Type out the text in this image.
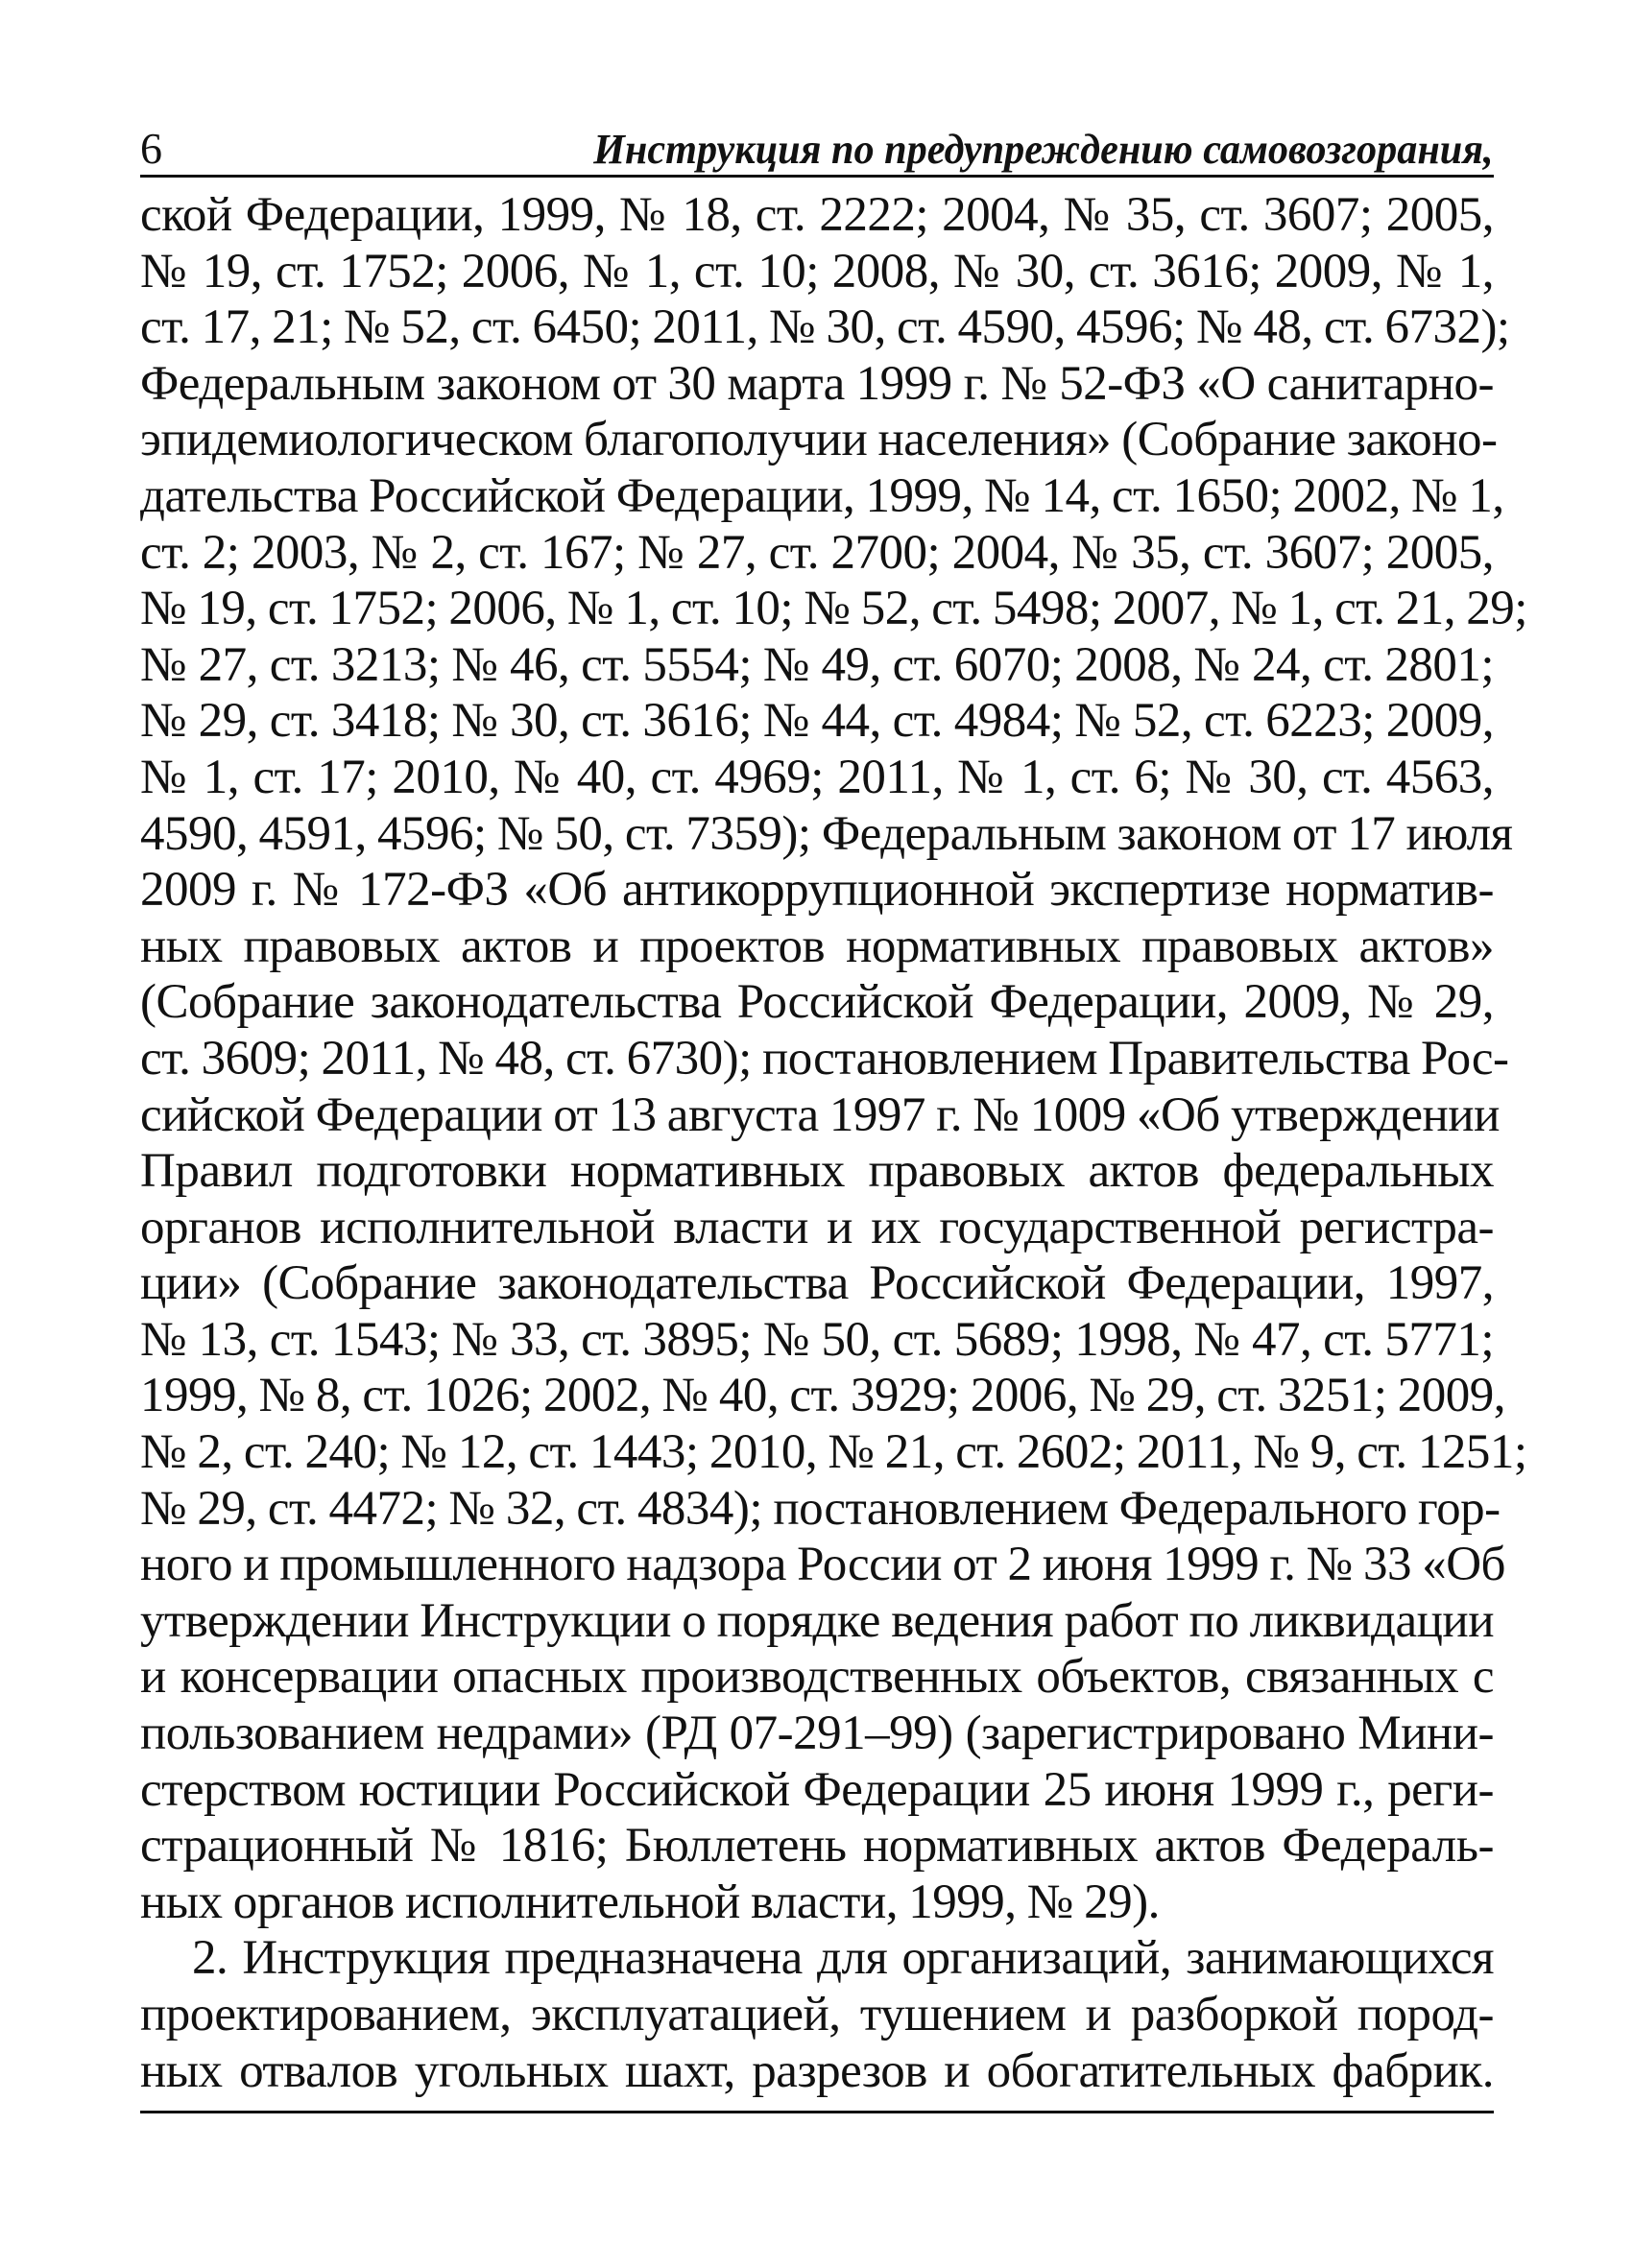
6	Инструкция по предупреждению самовозгорания,
ской Федерации, 1999, № 18, ст. 2222; 2004, № 35, ст. 3607; 2005,
№ 19, ст. 1752; 2006, № 1, ст. 10; 2008, № 30, ст. 3616; 2009, № 1,
ст. 17, 21; № 52, ст. 6450; 2011, № 30, ст. 4590, 4596; № 48, ст. 6732);
Федеральным законом от 30 марта 1999 г. № 52-ФЗ «О санитарно-
эпидемиологическом благополучии населения» (Собрание законо-
дательства Российской Федерации, 1999, № 14, ст. 1650; 2002, № 1,
ст. 2; 2003, № 2, ст. 167; № 27, ст. 2700; 2004, № 35, ст. 3607; 2005,
№ 19, ст. 1752; 2006, № 1, ст. 10; № 52, ст. 5498; 2007, № 1, ст. 21, 29;
№ 27, ст. 3213; № 46, ст. 5554; № 49, ст. 6070; 2008, № 24, ст. 2801;
№ 29, ст. 3418; № 30, ст. 3616; № 44, ст. 4984; № 52, ст. 6223; 2009,
№ 1, ст. 17; 2010, № 40, ст. 4969; 2011, № 1, ст. 6; № 30, ст. 4563,
4590, 4591, 4596; № 50, ст. 7359); Федеральным законом от 17 июля
2009 г. № 172-ФЗ «Об антикоррупционной экспертизе норматив-
ных правовых актов и проектов нормативных правовых актов»
(Собрание законодательства Российской Федерации, 2009, № 29,
ст. 3609; 2011, № 48, ст. 6730); постановлением Правительства Рос-
сийской Федерации от 13 августа 1997 г. № 1009 «Об утверждении
Правил подготовки нормативных правовых актов федеральных
органов исполнительной власти и их государственной регистра-
ции» (Собрание законодательства Российской Федерации, 1997,
№ 13, ст. 1543; № 33, ст. 3895; № 50, ст. 5689; 1998, № 47, ст. 5771;
1999, № 8, ст. 1026; 2002, № 40, ст. 3929; 2006, № 29, ст. 3251; 2009,
№ 2, ст. 240; № 12, ст. 1443; 2010, № 21, ст. 2602; 2011, № 9, ст. 1251;
№ 29, ст. 4472; № 32, ст. 4834); постановлением Федерального гор-
ного и промышленного надзора России от 2 июня 1999 г. № 33 «Об
утверждении Инструкции о порядке ведения работ по ликвидации
и консервации опасных производственных объектов, связанных с
пользованием недрами» (РД 07-291–99) (зарегистрировано Мини-
стерством юстиции Российской Федерации 25 июня 1999 г., реги-
страционный № 1816; Бюллетень нормативных актов Федераль-
ных органов исполнительной власти, 1999, № 29).
2. Инструкция предназначена для организаций, занимающихся
проектированием, эксплуатацией, тушением и разборкой пород-
ных отвалов угольных шахт, разрезов и обогатительных фабрик.
